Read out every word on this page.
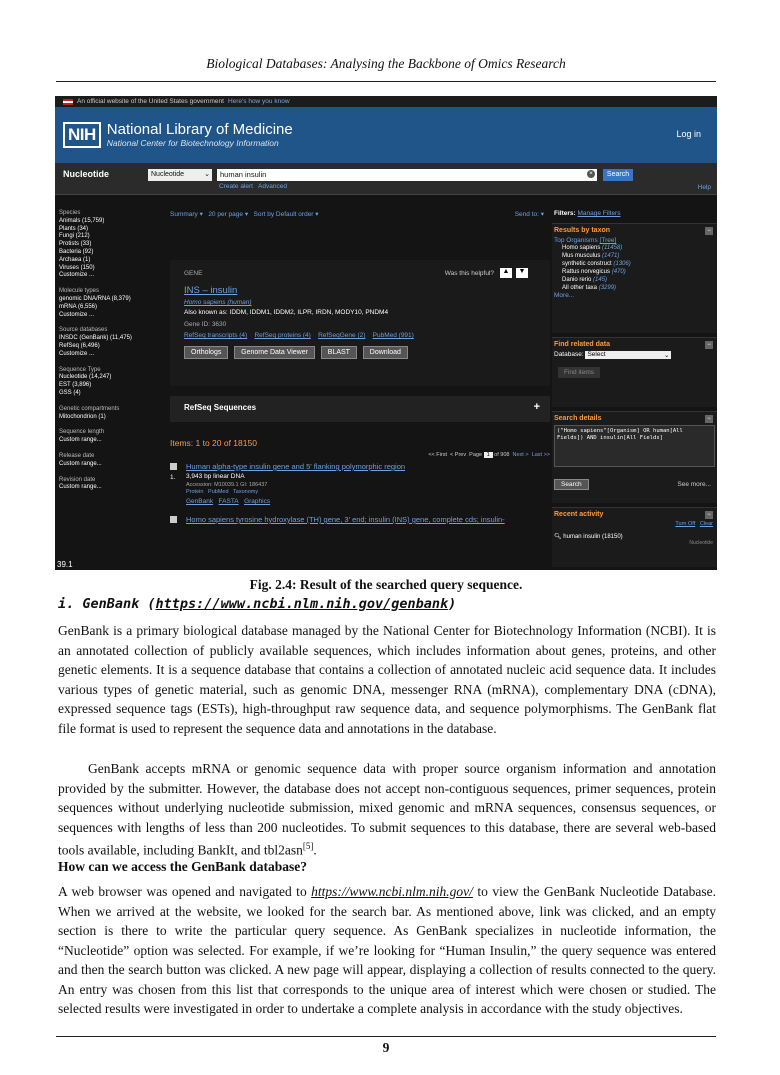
Biological Databases: Analysing the Backbone of Omics Research
An official website of the United States government Here's how you know
NIH National Library of Medicine
National Center for Biotechnology Information
Log in
Nucleotide	Nucleotide	⌄	human insulin	×	Search
Create alert Advanced	Help
Species
Animals (15,759)
Plants (34)
Fungi (212)
Protists (33)
Bacteria (92)
Archaea (1)
Viruses (150)
Customize ...
Molecule types
genomic DNA/RNA (8,379)
mRNA (6,556)
Customize ...
Source databases
INSDC (GenBank) (11,475)
RefSeq (6,496)
Customize ...
Sequence Type
Nucleotide (14,247)
EST (3,896)
GSS (4)
Genetic compartments
Mitochondrion (1)
Sequence length
Custom range...
Release date
Custom range...
Revision date
Custom range...
39.1
Summary ▾ 20 per page ▾ Sort by Default order ▾	Send to: ▾
GENE	Was this helpful?	▲	▼
INS – insulin
Homo sapiens (human)
Also known as: IDDM, IDDM1, IDDM2, ILPR, IRDN, MODY10, PNDM4
Gene ID: 3630
RefSeq transcripts (4) RefSeq proteins (4) RefSeqGene (2) PubMed (991)
Orthologs	Genome Data Viewer	BLAST	Download
RefSeq Sequences	+
Items: 1 to 20 of 18150
<< First < Prev Page 1 of 908 Next > Last >>
1.
Human alpha-type insulin gene and 5' flanking polymorphic region
3,943 bp linear DNA
Accession: M10039.1 GI: 186437
Protein PubMed Taxonomy
GenBank FASTA Graphics
Homo sapiens tyrosine hydroxylase (TH) gene, 3' end; insulin (INS) gene, complete cds; insulin-
Filters: Manage Filters
Results by taxon	−
Top Organisms [Tree]
Homo sapiens (11458)
Mus musculus (1471)
synthetic construct (1306)
Rattus norvegicus (470)
Danio rerio (145)
All other taxa (3299)
More...
Find related data	−
Database: Select	⌄
Find items
Search details	−
("Homo sapiens"[Organism] OR human[All Fields]) AND insulin[All Fields]
Search	See more...
Recent activity	−
Turn Off Clear
🔍︎ human insulin (18150)
Nucleotide
Fig. 2.4: Result of the searched query sequence.
i. GenBank (https://www.ncbi.nlm.nih.gov/genbank)
GenBank is a primary biological database managed by the National Center for Biotechnology Information (NCBI). It is an annotated collection of publicly available sequences, which includes information about genes, proteins, and other genetic elements. It is a sequence database that contains a collection of annotated nucleic acid sequence data. It includes various types of genetic material, such as genomic DNA, messenger RNA (mRNA), complementary DNA (cDNA), expressed sequence tags (ESTs), high-throughput raw sequence data, and sequence polymorphisms. The GenBank flat file format is used to represent the sequence data and annotations in the database.
GenBank accepts mRNA or genomic sequence data with proper source organism information and annotation provided by the submitter. However, the database does not accept non-contiguous sequences, primer sequences, protein sequences without underlying nucleotide submission, mixed genomic and mRNA sequences, consensus sequences, or sequences with lengths of less than 200 nucleotides. To submit sequences to this database, there are several web-based tools available, including BankIt, and tbl2asn[5].
How can we access the GenBank database?
A web browser was opened and navigated to https://www.ncbi.nlm.nih.gov/ to view the GenBank Nucleotide Database. When we arrived at the website, we looked for the search bar. As mentioned above, link was clicked, and an empty section is there to write the particular query sequence. As GenBank specializes in nucleotide information, the “Nucleotide” option was selected. For example, if we’re looking for “Human Insulin,” the query sequence was entered and then the search button was clicked. A new page will appear, displaying a collection of results connected to the query. An entry was chosen from this list that corresponds to the unique area of interest which were chosen or studied. The selected results were investigated in order to undertake a complete analysis in accordance with the study objectives.
9
